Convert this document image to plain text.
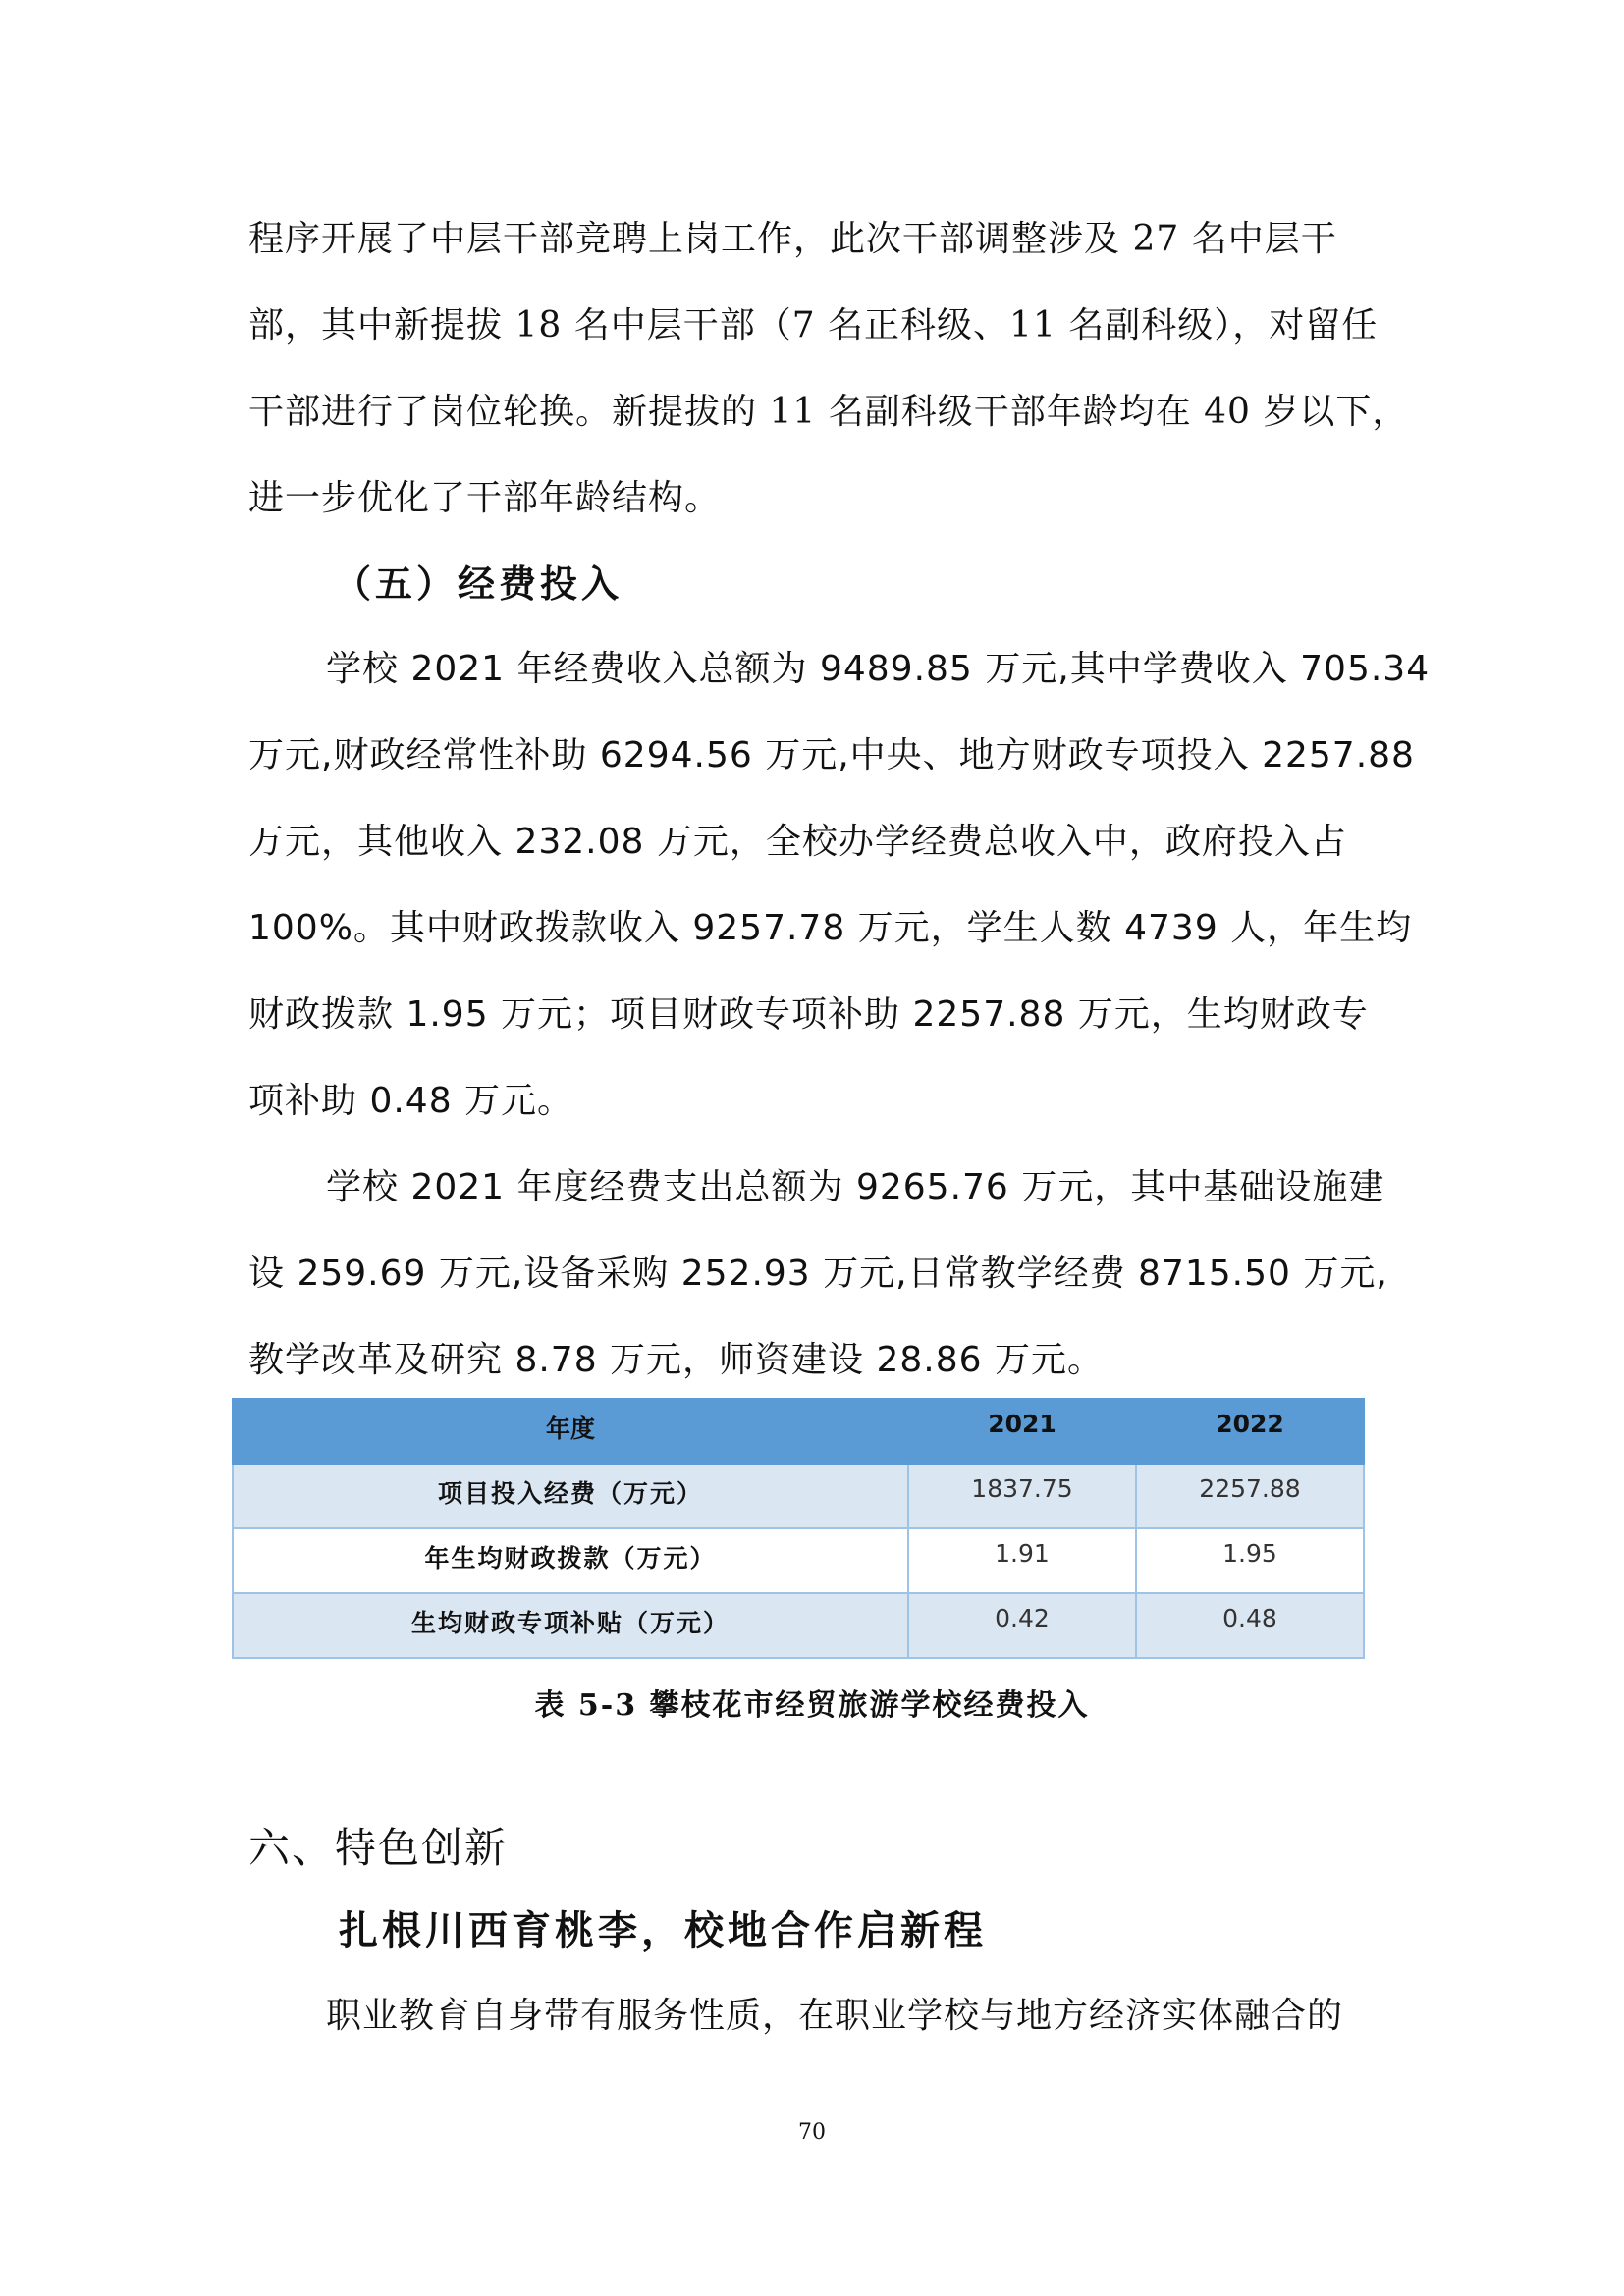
程序开展了中层干部竞聘上岗工作，此次干部调整涉及 27 名中层干
部，其中新提拔 18 名中层干部（7 名正科级、11 名副科级），对留任
干部进行了岗位轮换。新提拔的 11 名副科级干部年龄均在 40 岁以下，
进一步优化了干部年龄结构。
（五）经费投入
学校 2021 年经费收入总额为 9489.85 万元,其中学费收入 705.34
万元,财政经常性补助 6294.56 万元,中央、地方财政专项投入 2257.88
万元，其他收入 232.08 万元，全校办学经费总收入中，政府投入占
100%。其中财政拨款收入 9257.78 万元，学生人数 4739 人，年生均
财政拨款 1.95 万元；项目财政专项补助 2257.88 万元，生均财政专
项补助 0.48 万元。
学校 2021 年度经费支出总额为 9265.76 万元，其中基础设施建
设 259.69 万元,设备采购 252.93 万元,日常教学经费 8715.50 万元,
教学改革及研究 8.78 万元，师资建设 28.86 万元。
年度	2021	2022
项目投入经费（万元）	1837.75	2257.88
年生均财政拨款（万元）	1.91	1.95
生均财政专项补贴（万元）	0.42	0.48
表 5-3 攀枝花市经贸旅游学校经费投入
六、特色创新
扎根川西育桃李，校地合作启新程
职业教育自身带有服务性质，在职业学校与地方经济实体融合的
70
